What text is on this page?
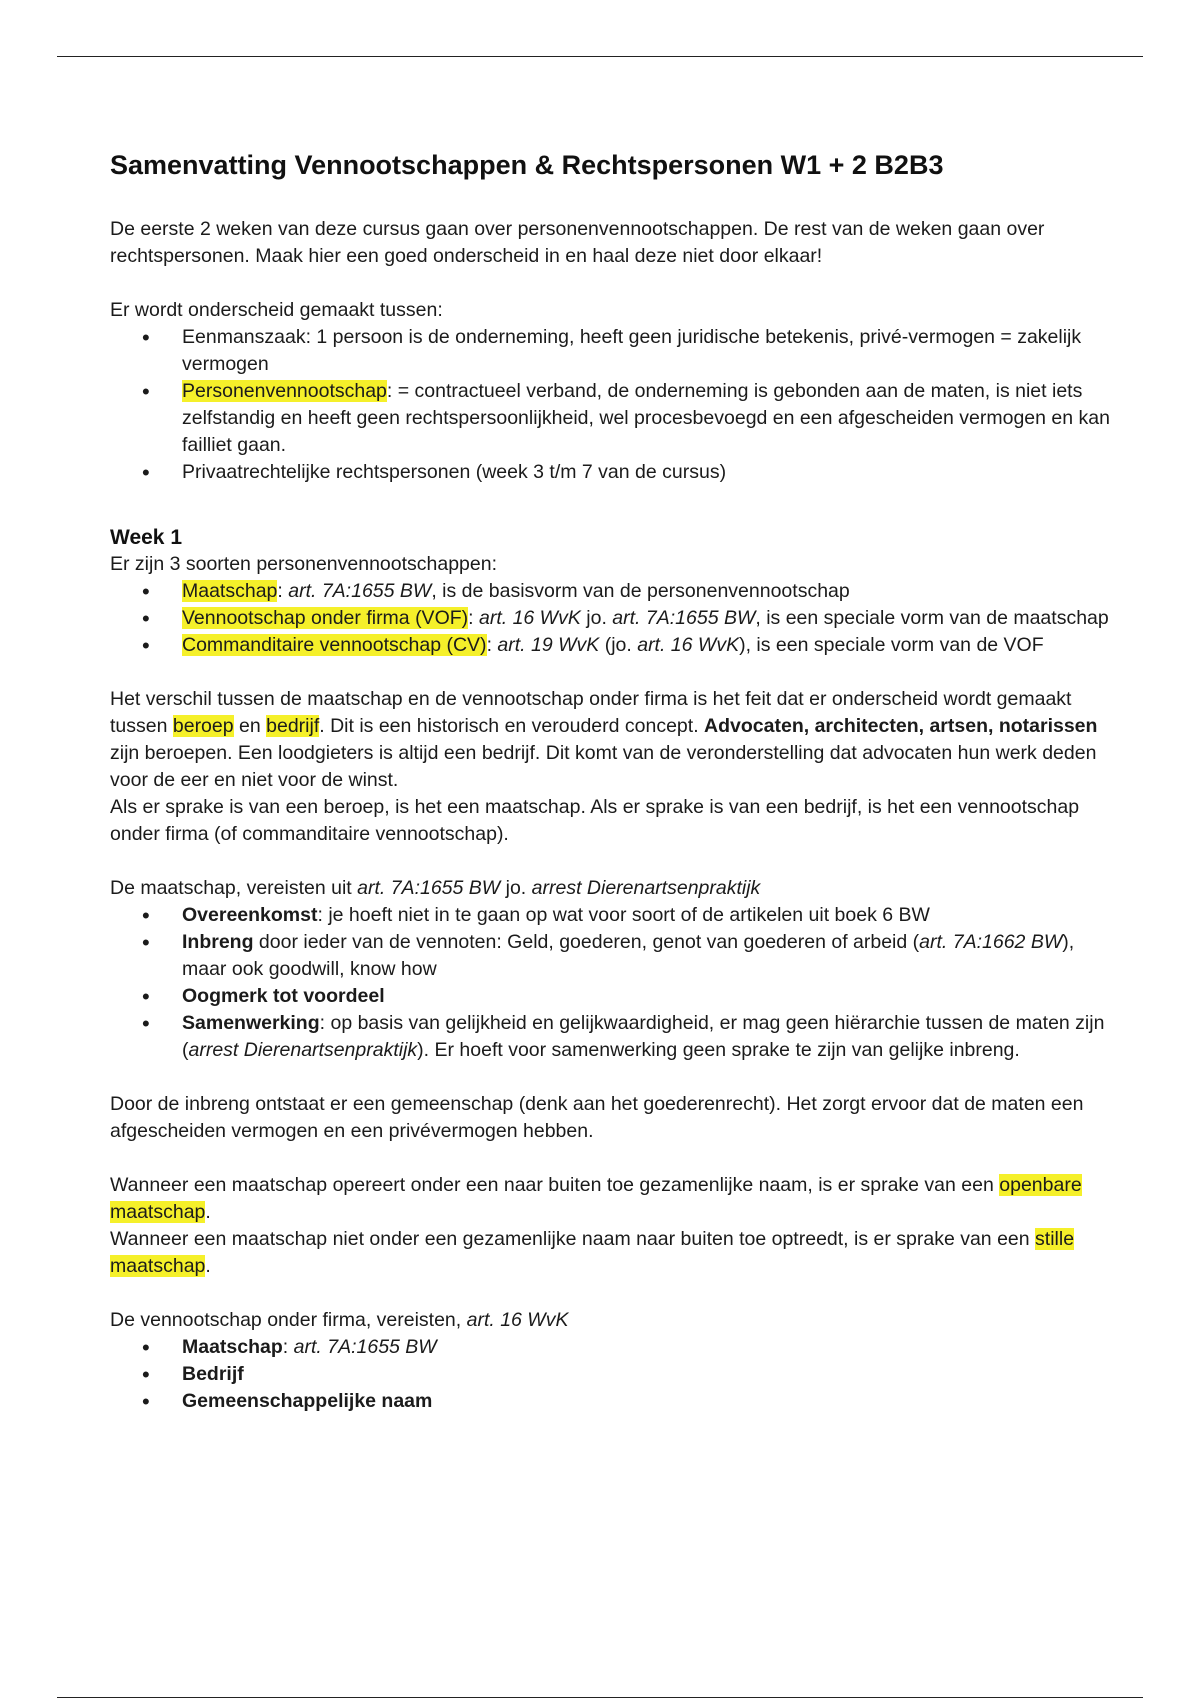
Samenvatting Vennootschappen & Rechtspersonen W1 + 2 B2B3

De eerste 2 weken van deze cursus gaan over personenvennootschappen. De rest van de weken gaan over rechtspersonen. Maak hier een goed onderscheid in en haal deze niet door elkaar!

Er wordt onderscheid gemaakt tussen:

• Eenmanszaak: 1 persoon is de onderneming, heeft geen juridische betekenis, privé-vermogen = zakelijk vermogen
• Personenvennootschap: = contractueel verband, de onderneming is gebonden aan de maten, is niet iets zelfstandig en heeft geen rechtspersoonlijkheid, wel procesbevoegd en een afgescheiden vermogen en kan failliet gaan.
• Privaatrechtelijke rechtspersonen (week 3 t/m 7 van de cursus)
Week 1

Er zijn 3 soorten personenvennootschappen:

• Maatschap: art. 7A:1655 BW, is de basisvorm van de personenvennootschap
• Vennootschap onder firma (VOF): art. 16 WvK jo. art. 7A:1655 BW, is een speciale vorm van de maatschap
• Commanditaire vennootschap (CV): art. 19 WvK (jo. art. 16 WvK), is een speciale vorm van de VOF

Het verschil tussen de maatschap en de vennootschap onder firma is het feit dat er onderscheid wordt gemaakt tussen beroep en bedrijf. Dit is een historisch en verouderd concept. Advocaten, architecten, artsen, notarissen zijn beroepen. Een loodgieters is altijd een bedrijf. Dit komt van de veronderstelling dat advocaten hun werk deden voor de eer en niet voor de winst.

Als er sprake is van een beroep, is het een maatschap. Als er sprake is van een bedrijf, is het een vennootschap onder firma (of commanditaire vennootschap).

De maatschap, vereisten uit art. 7A:1655 BW jo. arrest Dierenartsenpraktijk

• Overeenkomst: je hoeft niet in te gaan op wat voor soort of de artikelen uit boek 6 BW
• Inbreng door ieder van de vennoten: Geld, goederen, genot van goederen of arbeid (art. 7A:1662 BW), maar ook goodwill, know how
• Oogmerk tot voordeel
• Samenwerking: op basis van gelijkheid en gelijkwaardigheid, er mag geen hiërarchie tussen de maten zijn (arrest Dierenartsenpraktijk). Er hoeft voor samenwerking geen sprake te zijn van gelijke inbreng.

Door de inbreng ontstaat er een gemeenschap (denk aan het goederenrecht). Het zorgt ervoor dat de maten een afgescheiden vermogen en een privévermogen hebben.

Wanneer een maatschap opereert onder een naar buiten toe gezamenlijke naam, is er sprake van een openbare maatschap.

Wanneer een maatschap niet onder een gezamenlijke naam naar buiten toe optreedt, is er sprake van een stille maatschap.

De vennootschap onder firma, vereisten, art. 16 WvK

• Maatschap: art. 7A:1655 BW
• Bedrijf
• Gemeenschappelijke naam
